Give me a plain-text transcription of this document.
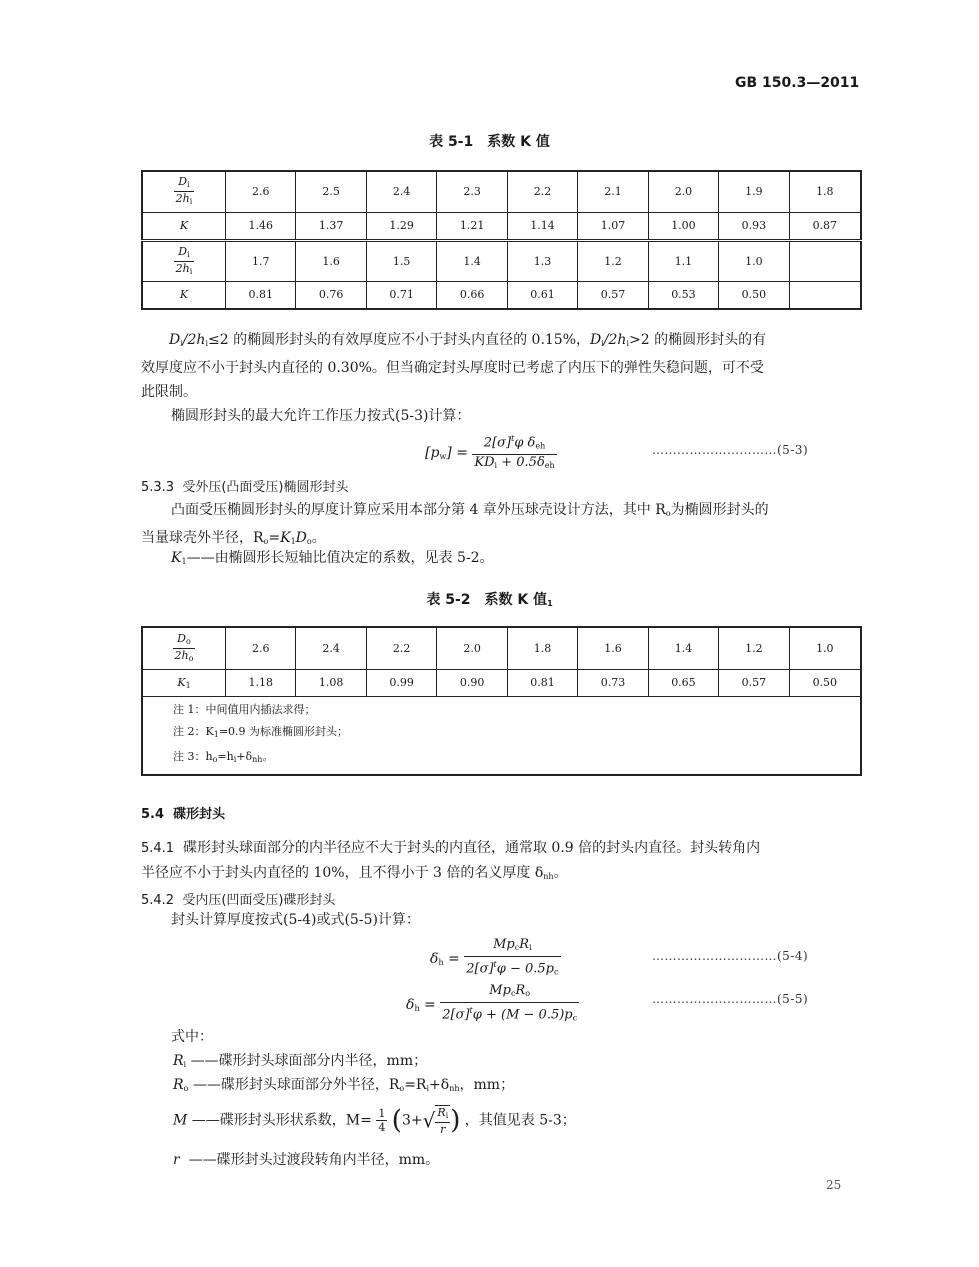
GB 150.3—2011
表 5-1　系数 K 值
$\frac{D_i}{2h_i}$	2.6	2.5	2.4	2.3	2.2	2.1	2.0	1.9	1.8
K	1.46	1.37	1.29	1.21	1.14	1.07	1.00	0.93	0.87

$\frac{D_i}{2h_i}$	1.7	1.6	1.5	1.4	1.3	1.2	1.1	1.0	
K	0.81	0.76	0.71	0.66	0.61	0.57	0.53	0.50	
$D_i/2h_i\le 2$ 的椭圆形封头的有效厚度应不小于封头内直径的 0.15%，$D_i/2h_i>2$ 的椭圆形封头的有
效厚度应不小于封头内直径的 0.30%。但当确定封头厚度时已考虑了内压下的弹性失稳问题，可不受
此限制。
椭圆形封头的最大允许工作压力按式(5-3)计算：
$[p_w] = \frac{2[\sigma]^t\varphi \delta_{eh}}{KD_i + 0.5\delta_{eh}}$	…………………………(5-3)
5.3.3 受外压(凸面受压)椭圆形封头
凸面受压椭圆形封头的厚度计算应采用本部分第 4 章外压球壳设计方法，其中 $R_o$为椭圆形封头的
当量球壳外半径，$R_o=K_1D_o$。
$K_1——$由椭圆形长短轴比值决定的系数，见表 5-2。
表 5-2　系数 K 值$_1$
$\frac{D_o}{2h_o}$	2.6	2.4	2.2	2.0	1.8	1.6	1.4	1.2	1.0
$K_1$	1.18	1.08	0.99	0.90	0.81	0.73	0.65	0.57	0.50

注 1：中间值用内插法求得；
注 2：$K_1=0.9$ 为标准椭圆形封头；
注 3：$h_o=h_i+\delta_{nh}$。									
5.4 碟形封头
5.4.1 碟形封头球面部分的内半径应不大于封头的内直径，通常取 0.9 倍的封头内直径。封头转角内
半径应不小于封头内直径的 10%，且不得小于 3 倍的名义厚度 $\delta_{nh}$。
5.4.2 受内压(凹面受压)碟形封头
封头计算厚度按式(5-4)或式(5-5)计算：
$\delta_h = \frac{Mp_cR_i}{2[\sigma]^t\varphi - 0.5p_c}$	…………………………(5-4)
$\delta_h = \frac{Mp_cR_o}{2[\sigma]^t\varphi + (M - 0.5)p_c}$	…………………………(5-5)
式中：
$R_i$ ——碟形封头球面部分内半径，mm；
$R_o$ ——碟形封头球面部分外半径，$R_o=R_i+\delta_{nh}$，mm；
M ——碟形封头形状系数，$M= \frac{1}{4} (3+√ \frac{R_i}{r}$ ) ，其值见表 5-3；
r ——碟形封头过渡段转角内半径，mm。
25
